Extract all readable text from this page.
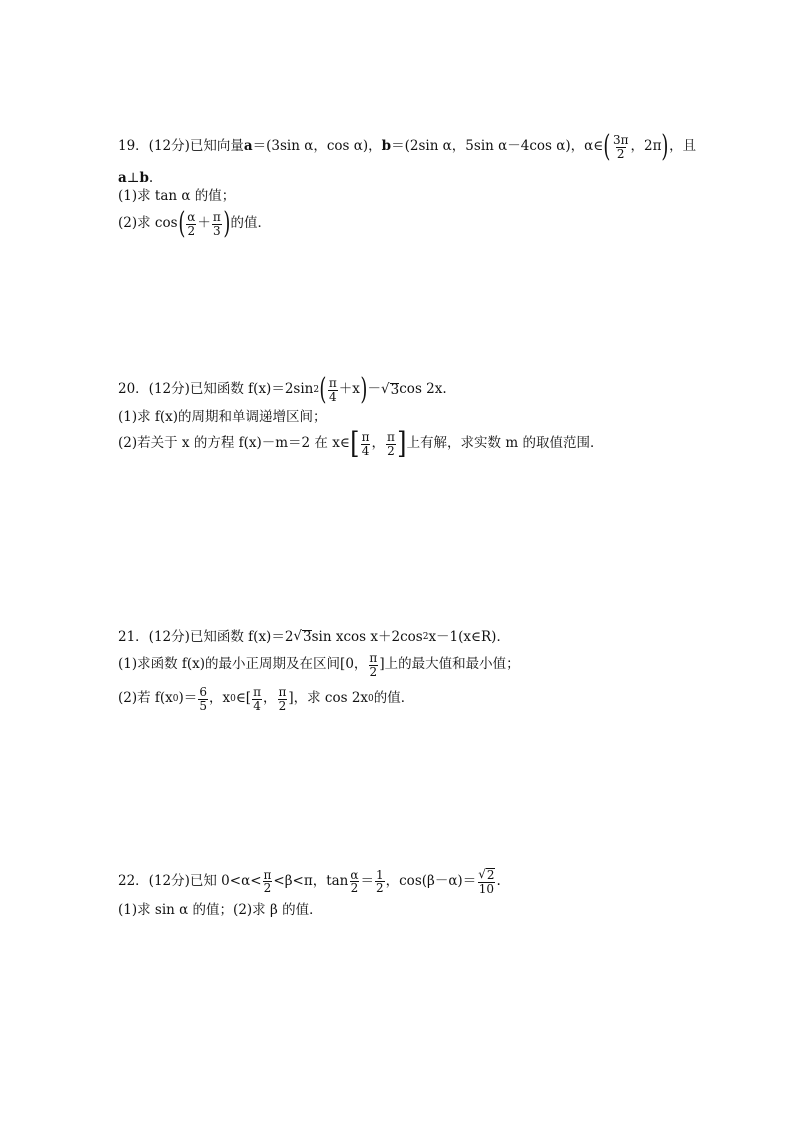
19．(12分)已知向量 a ＝(3sin α，cos α)， b ＝(2sin α，5sin α－4cos α)，α∈ ( $\frac{3\pi}{2}$ ，2π ) ，且
a ⊥ b .
(1)求 tan α 的值；
(2)求 cos ( $\frac{\alpha}{2} + \frac{\pi}{3}$ ) 的值．
20．(12分)已知函数 f(x)＝2sin 2 ( $\frac{\pi}{4} +x$ ) － √ 3 cos 2x.
(1)求 f(x)的周期和单调递增区间；
(2)若关于 x 的方程 f(x)－m＝2 在 x∈ [ $\frac{\pi}{4}$ ， $\frac{\pi}{2}$ ] 上有解，求实数 m 的取值范围．
21．(12分)已知函数 f(x)＝2 √ 3 sin xcos x＋2cos 2 x－1(x∈R)．
(1)求函数 f(x)的最小正周期及在区间[0， $\frac{\pi}{2}$ ]上的最大值和最小值；
(2)若 f(x 0 )＝ $\frac{6}{5}$ ，x 0 ∈[ $\frac{\pi}{4}$ ， $\frac{\pi}{2}$ ]，求 cos 2x 0 的值．
22．(12分)已知 $0<\alpha< \frac{\pi}{2} <\beta<\pi$，$\tan \frac{\alpha}{2} = \frac{1}{2}$ ，$\cos(\beta-\alpha)= \frac{√ 2}{10}$ .
(1)求 sin α 的值；(2)求 β 的值．
